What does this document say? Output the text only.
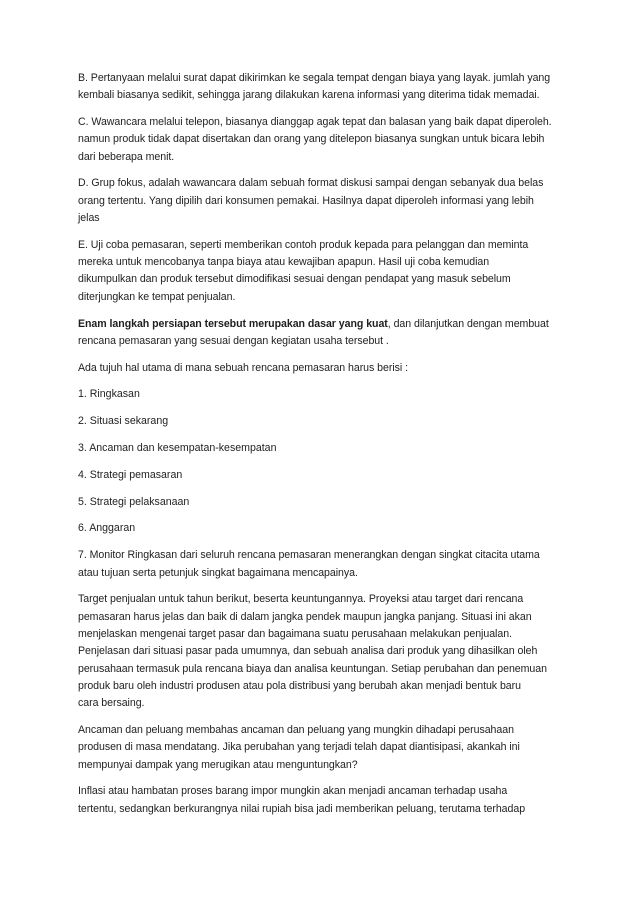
B. Pertanyaan melalui surat dapat dikirimkan ke segala tempat dengan biaya yang layak. jumlah yang
kembali biasanya sedikit, sehingga jarang dilakukan karena informasi yang diterima tidak memadai.
C. Wawancara melalui telepon, biasanya dianggap agak tepat dan balasan yang baik dapat diperoleh.
namun produk tidak dapat disertakan dan orang yang ditelepon biasanya sungkan untuk bicara lebih
dari beberapa menit.
D. Grup fokus, adalah wawancara dalam sebuah format diskusi sampai dengan sebanyak dua belas
orang tertentu. Yang dipilih dari konsumen pemakai. Hasilnya dapat diperoleh informasi yang lebih
jelas
E. Uji coba pemasaran, seperti memberikan contoh produk kepada para pelanggan dan meminta
mereka untuk mencobanya tanpa biaya atau kewajiban apapun. Hasil uji coba kemudian
dikumpulkan dan produk tersebut dimodifikasi sesuai dengan pendapat yang masuk sebelum
diterjungkan ke tempat penjualan.
Enam langkah persiapan tersebut merupakan dasar yang kuat, dan dilanjutkan dengan membuat
rencana pemasaran yang sesuai dengan kegiatan usaha tersebut .
Ada tujuh hal utama di mana sebuah rencana pemasaran harus berisi :
1. Ringkasan
2. Situasi sekarang
3. Ancaman dan kesempatan-kesempatan
4. Strategi pemasaran
5. Strategi pelaksanaan
6. Anggaran
7. Monitor Ringkasan dari seluruh rencana pemasaran menerangkan dengan singkat citacita utama
atau tujuan serta petunjuk singkat bagaimana mencapainya.
Target penjualan untuk tahun berikut, beserta keuntungannya. Proyeksi atau target dari rencana
pemasaran harus jelas dan baik di dalam jangka pendek maupun jangka panjang. Situasi ini akan
menjelaskan mengenai target pasar dan bagaimana suatu perusahaan melakukan penjualan.
Penjelasan dari situasi pasar pada umumnya, dan sebuah analisa dari produk yang dihasilkan oleh
perusahaan termasuk pula rencana biaya dan analisa keuntungan. Setiap perubahan dan penemuan
produk baru oleh industri produsen atau pola distribusi yang berubah akan menjadi bentuk baru
cara bersaing.
Ancaman dan peluang membahas ancaman dan peluang yang mungkin dihadapi perusahaan
produsen di masa mendatang. Jika perubahan yang terjadi telah dapat diantisipasi, akankah ini
mempunyai dampak yang merugikan atau menguntungkan?
Inflasi atau hambatan proses barang impor mungkin akan menjadi ancaman terhadap usaha
tertentu, sedangkan berkurangnya nilai rupiah bisa jadi memberikan peluang, terutama terhadap
